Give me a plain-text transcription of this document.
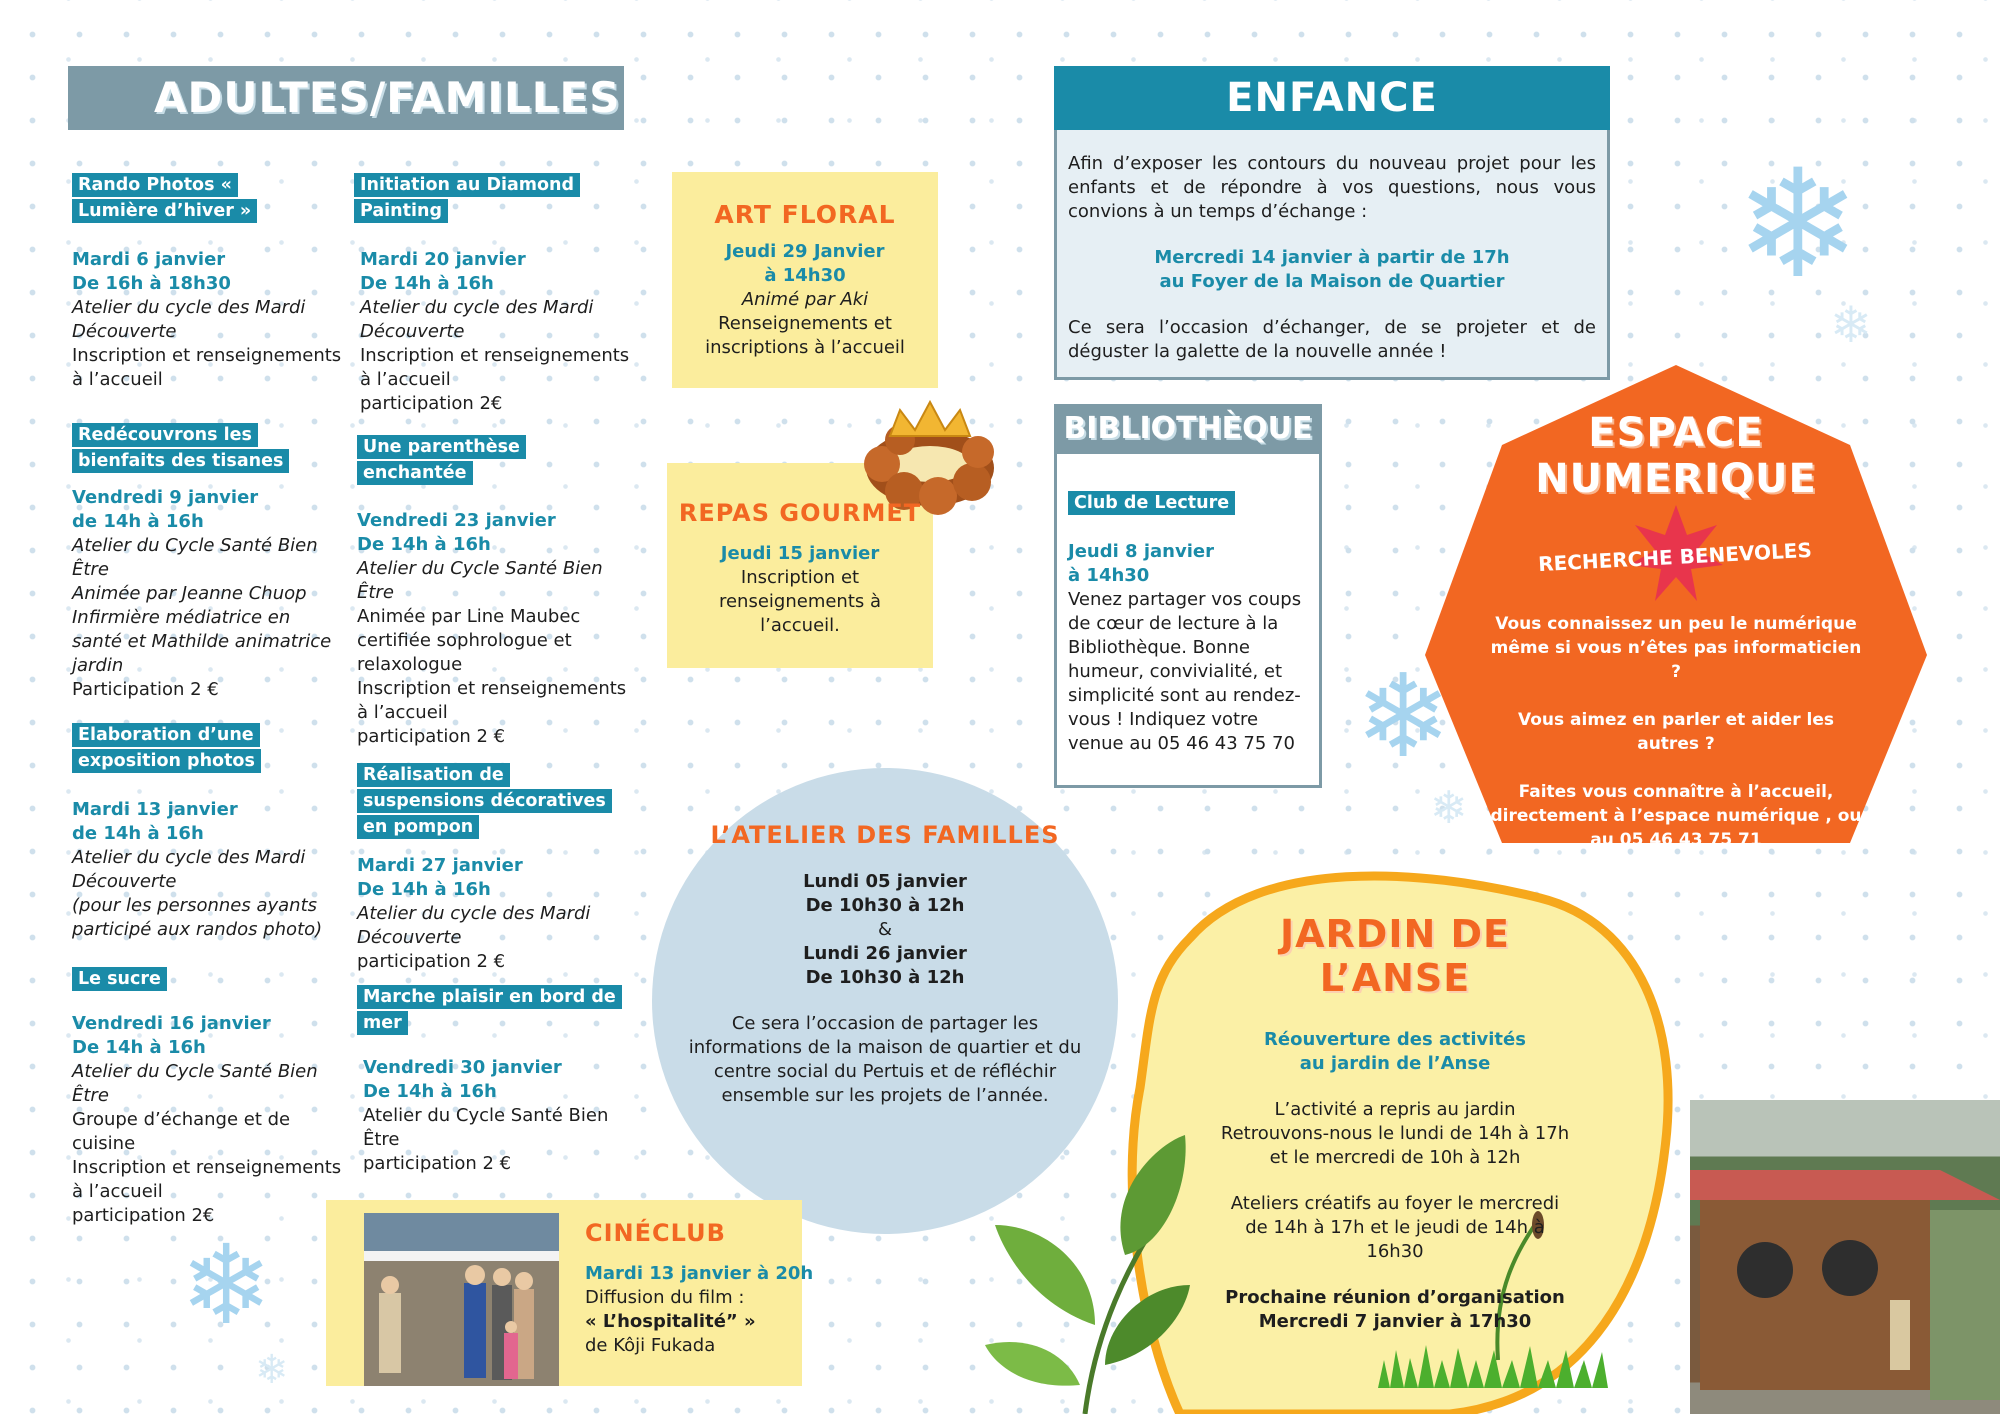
❄
❄
❄
❄
❄
❄
ADULTES/FAMILLES
Rando Photos « Lumière d’hiver »
Mardi 6 janvier
De 16h à 18h30
Atelier du cycle des Mardi Découverte
Inscription et renseignements à l’accueil
Redécouvrons les bienfaits des tisanes
Vendredi 9 janvier
de 14h à 16h
Atelier du Cycle Santé Bien Être
Animée par Jeanne Chuop Infirmière médiatrice en santé et Mathilde animatrice jardin
Participation 2 €
Elaboration d’une exposition photos
Mardi 13 janvier
de 14h à 16h
Atelier du cycle des Mardi Découverte
(pour les personnes ayants participé aux randos photo)
Le sucre
Vendredi 16 janvier
De 14h à 16h
Atelier du Cycle Santé Bien Être
Groupe d’échange et de cuisine
Inscription et renseignements à l’accueil
participation 2€
Initiation au Diamond Painting
Mardi 20 janvier
De 14h à 16h
Atelier du cycle des Mardi Découverte
Inscription et renseignements à l’accueil
participation 2€
Une parenthèse enchantée
Vendredi 23 janvier
De 14h à 16h
Atelier du Cycle Santé Bien Être
Animée par Line Maubec certifiée sophrologue et relaxologue
Inscription et renseignements à l’accueil
participation 2 €
Réalisation de suspensions décoratives en pompon
Mardi 27 janvier
De 14h à 16h
Atelier du cycle des Mardi Découverte
participation 2 €
Marche plaisir en bord de mer
Vendredi 30 janvier
De 14h à 16h
Atelier du Cycle Santé Bien Être
participation 2 €
ART FLORAL
Jeudi 29 Janvier
à 14h30
Animé par Aki
Renseignements et inscriptions à l’accueil
REPAS GOURMET
Jeudi 15 janvier
Inscription et renseignements à l’accueil.
L’ATELIER DES FAMILLES
Lundi 05 janvier
De 10h30 à 12h
&
Lundi 26 janvier
De 10h30 à 12h
Ce sera l’occasion de partager les informations de la maison de quartier et du centre social du Pertuis et de réfléchir ensemble sur les projets de l’année.
CINÉCLUB
Mardi 13 janvier à 20h
Diffusion du film :
« L’hospitalité” »
de Kôji Fukada
ENFANCE
Afin d’exposer les contours du nouveau projet pour les enfants et de répondre à vos questions, nous vous convions à un temps d’échange :
Mercredi 14 janvier à partir de 17h
au Foyer de la Maison de Quartier
Ce sera l’occasion d’échanger, de se projeter et de déguster la galette de la nouvelle année !
BIBLIOTHÈQUE
Club de Lecture
Jeudi 8 janvier
à 14h30
Venez partager vos coups de cœur de lecture à la Bibliothèque. Bonne humeur, convivialité, et simplicité sont au rendez-vous ! Indiquez votre venue au 05 46 43 75 70
ESPACE
NUMERIQUE
RECHERCHE BENEVOLES
Vous connaissez un peu le numérique même si vous n’êtes pas informaticien ?
Vous aimez en parler et aider les autres ?
Faites vous connaître à l’accueil, directement à l’espace numérique , ou au 05 46 43 75 71
JARDIN DE
L’ANSE
Réouverture des activités
au jardin de l’Anse
L’activité a repris au jardin
Retrouvons-nous le lundi de 14h à 17h
et le mercredi de 10h à 12h
Ateliers créatifs au foyer le mercredi de 14h à 17h et le jeudi de 14h à 16h30
Prochaine réunion d’organisation
Mercredi 7 janvier à 17h30
